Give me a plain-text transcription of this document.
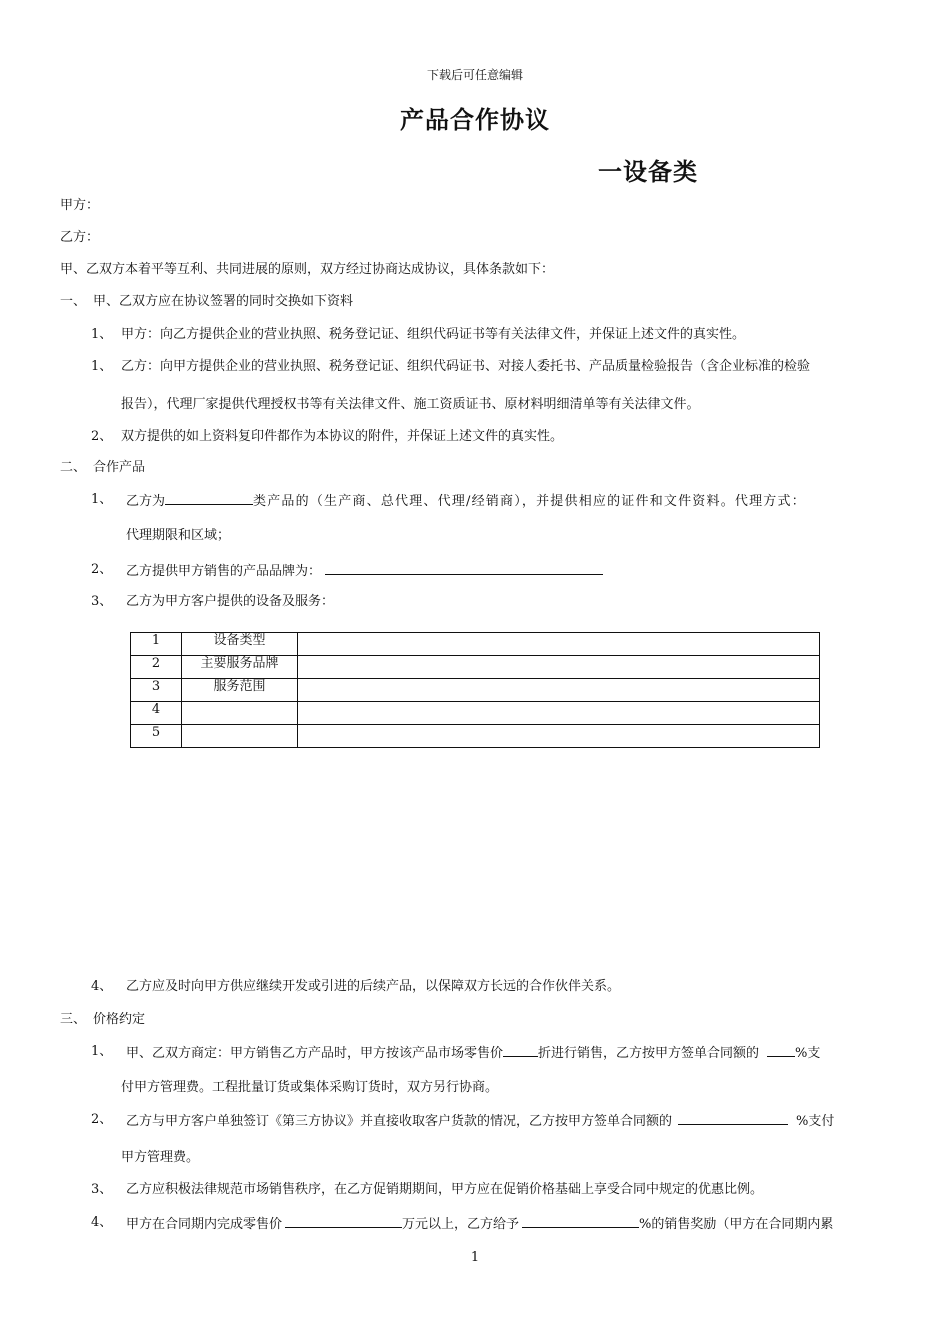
下载后可任意编辑
产品合作协议
一设备类
甲方：
乙方：
甲、乙双方本着平等互利、共同进展的原则，双方经过协商达成协议，具体条款如下：
一、 甲、乙双方应在协议签署的同时交换如下资料
1、 甲方：向乙方提供企业的营业执照、税务登记证、组织代码证书等有关法律文件，并保证上述文件的真实性。
1、 乙方：向甲方提供企业的营业执照、税务登记证、组织代码证书、对接人委托书、产品质量检验报告（含企业标准的检验
报告），代理厂家提供代理授权书等有关法律文件、施工资质证书、原材料明细清单等有关法律文件。
2、 双方提供的如上资料复印件都作为本协议的附件，并保证上述文件的真实性。
二、 合作产品
1、 乙方为	类产品的（生产商、总代理、代理/经销商），并提供相应的证件和文件资料。代理方式：
代理期限和区域；
2、 乙方提供甲方销售的产品品牌为：
3、 乙方为甲方客户提供的设备及服务：
1	设备类型	
2	主要服务品牌	
3	服务范围	
4		
5		
4、 乙方应及时向甲方供应继续开发或引进的后续产品，以保障双方长远的合作伙伴关系。
三、 价格约定
1、 甲、乙双方商定：甲方销售乙方产品时，甲方按该产品市场零售价	折进行销售，乙方按甲方签单合同额的	%支
付甲方管理费。工程批量订货或集体采购订货时，双方另行协商。
2、 乙方与甲方客户单独签订《第三方协议》并直接收取客户货款的情况，乙方按甲方签单合同额的	%支付
甲方管理费。
3、 乙方应积极法律规范市场销售秩序，在乙方促销期期间，甲方应在促销价格基础上享受合同中规定的优惠比例。
4、 甲方在合同期内完成零售价	万元以上，乙方给予	%的销售奖励（甲方在合同期内累
1
